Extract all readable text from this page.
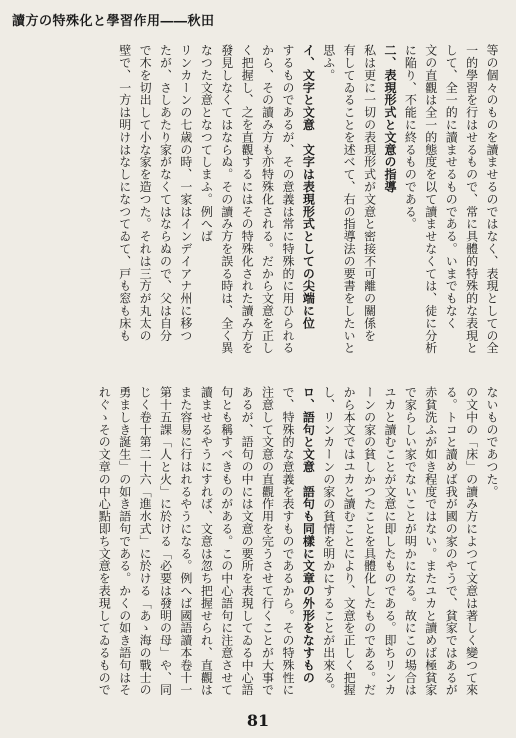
讀方の特殊化と學習作用――秋田

等の個々のものを讀ませるのではなく、表現としての全

一的學習を行はせるもので、常に具體的特殊的な表現と

して、全一的に讀ませるものである。いまでもなく

文の直觀は全一的態度を以て讀ませなくては、徒に分析

に陥り、不能に終るものである。

二、表現形式と文意の指導

私は更に一切の表現形式が文意と密接不可離の關係を

有してゐることを述べて、右の指導法の要書をしたいと

思ふ。

イ、文字と文意　文字は表現形式としての尖端に位

するものであるが、その意義は常に特殊的に用ひられる

から、その讀み方も亦特殊化される。だから文意を正し

く把握し、之を直觀するにはその特殊化された讀み方を

發見しなくてはならぬ。その讀み方を誤る時は、全く異

なつた文意となつてしまふ。例へば

リンカーンの七歳の時、一家はインデイアナ州に移つ

たが、さしあたり家がなくてはならぬので、父は自分

で木を切出して小な家を造つた。それは三方が丸太の

壁で、一方は明けはなしになつてゐて、戸も窓も床も

ないものであつた。

の文中の「床」の讀み方によつて文意は著しく變つて來

る。トコと讀めば我が國の家のやうで、貧家ではあるが

赤貧洗ふが如き程度ではない。またユカと讀めば極貧家

で家らしい家でないことが明かになる。故にこの場合は

ユカと讀むことが文意に即したものである。即ちリンカ

ーンの家の貧しかつたことを具體化したものである。だ

から本文ではユカと讀むことにより、文意を正しく把握

し、リンカーンの家の貧情を明かにすることが出來る。

ロ、語句と文意　語句も同樣に文章の外形をなすもの

で、特殊的な意義を表すものであるから。その特殊性に

注意して文意の直觀作用を完うさせて行くことが大事で

あるが、語句の中には文意の要所を表現してゐる中心語

句とも稱すべきものがある。この中心語句に注意させて

讀ませるやうにすれば、文意は忽ち把握せられ、直觀は

また容易に行はれるやうになる。例へば國語讀本卷十一

第十五課「人と火」に於ける「必要は發明の母」や、同

じく卷十第二十六「進水式」に於ける「あゝ海の戰士の

勇ましき誕生」の如き語句である。かくの如き語句はそ

れぐゝその文章の中心點即ち文意を表現してゐるもので

81
